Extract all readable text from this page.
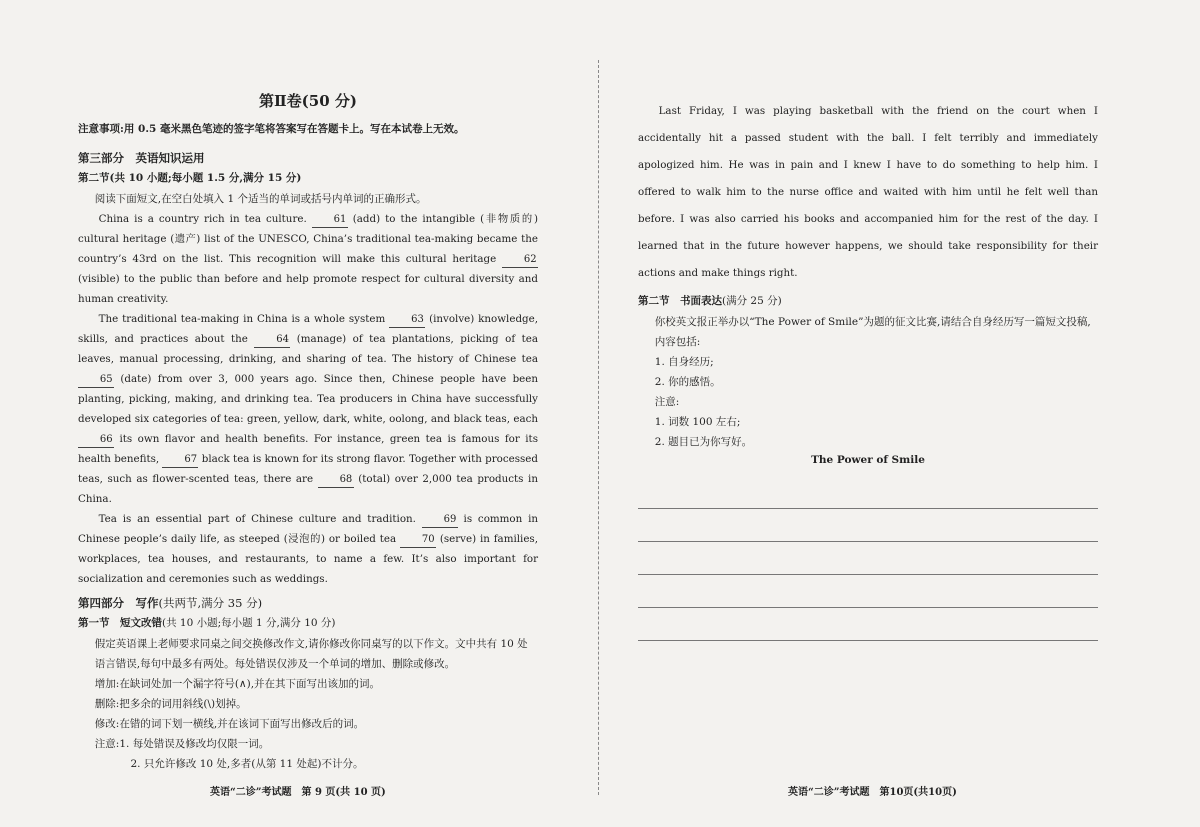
第Ⅱ卷(50 分)
注意事项:用 0.5 毫米黑色笔迹的签字笔将答案写在答题卡上。写在本试卷上无效。
第三部分　英语知识运用
第二节(共 10 小题;每小题 1.5 分,满分 15 分)

阅读下面短文,在空白处填入 1 个适当的单词或括号内单词的正确形式。

China is a country rich in tea culture.	61 (add) to the intangible (非物质的) cultural heritage (遗产) list of the UNESCO, China’s traditional tea-making became the country’s 43rd on the list. This recognition will make this cultural heritage	62 (visible) to the public than before and help promote respect for cultural diversity and human creativity.

The traditional tea-making in China is a whole system	63 (involve) knowledge, skills, and practices about the	64 (manage) of tea plantations, picking of tea leaves, manual processing, drinking, and sharing of tea. The history of Chinese tea 65 (date) from over 3, 000 years ago. Since then, Chinese people have been planting, picking, making, and drinking tea. Tea producers in China have successfully developed six categories of tea: green, yellow, dark, white, oolong, and black teas, each 66 its own flavor and health benefits. For instance, green tea is famous for its health benefits,	67 black tea is known for its strong flavor. Together with processed teas, such as flower-scented teas, there are	68 (total) over 2,000 tea products in China.

Tea is an essential part of Chinese culture and tradition.	69 is common in Chinese people’s daily life, as steeped (浸泡的) or boiled tea	70 (serve) in families, workplaces, tea houses, and restaurants, to name a few. It’s also important for socialization and ceremonies such as weddings.

第四部分　写作(共两节,满分 35 分)
第一节　短文改错(共 10 小题;每小题 1 分,满分 10 分)

假定英语课上老师要求同桌之间交换修改作文,请你修改你同桌写的以下作文。文中共有 10 处语言错误,每句中最多有两处。每处错误仅涉及一个单词的增加、删除或修改。

增加:在缺词处加一个漏字符号(∧),并在其下面写出该加的词。

删除:把多余的词用斜线(\)划掉。

修改:在错的词下划一横线,并在该词下面写出修改后的词。

注意:1. 每处错误及修改均仅限一词。

2. 只允许修改 10 处,多者(从第 11 处起)不计分。

Last Friday, I was playing basketball with the friend on the court when I accidentally hit a passed student with the ball. I felt terribly and immediately apologized him. He was in pain and I knew I have to do something to help him. I offered to walk him to the nurse office and waited with him until he felt well than before. I was also carried his books and accompanied him for the rest of the day. I learned that in the future however happens, we should take responsibility for their actions and make things right.

第二节　书面表达(满分 25 分)

你校英文报正举办以“The Power of Smile”为题的征文比赛,请结合自身经历写一篇短文投稿,内容包括:

1. 自身经历;

2. 你的感悟。

注意:

1. 词数 100 左右;

2. 题目已为你写好。

The Power of Smile
英语“二诊”考试题　第 9 页(共 10 页)	英语“二诊”考试题　第10页(共10页)
